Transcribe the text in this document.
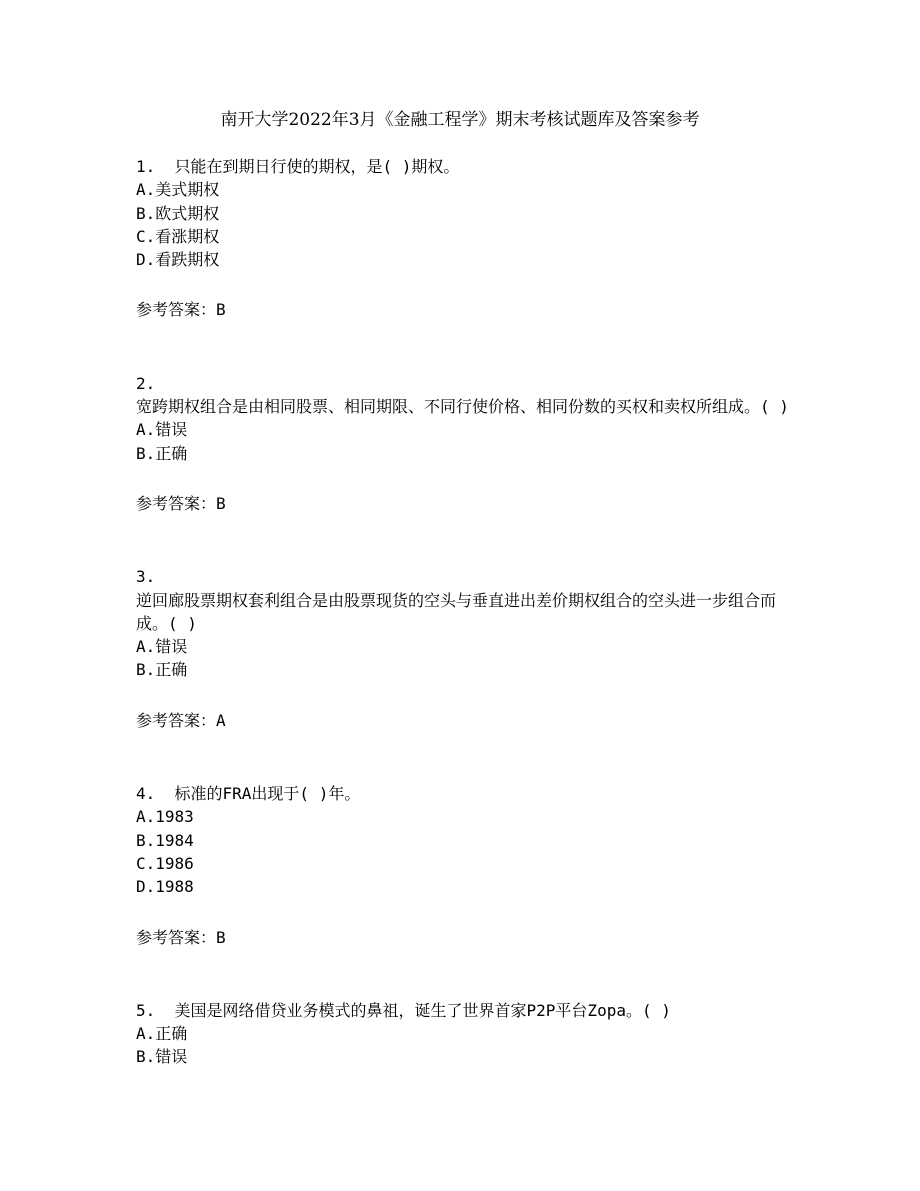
南开大学2022年3月《金融工程学》期末考核试题库及答案参考
1. 只能在到期日行使的期权，是( )期权。
A.美式期权
B.欧式期权
C.看涨期权
D.看跌期权
参考答案：B
2.
宽跨期权组合是由相同股票、相同期限、不同行使价格、相同份数的买权和卖权所组成。( )
A.错误
B.正确
参考答案：B
3.
逆回廊股票期权套利组合是由股票现货的空头与垂直进出差价期权组合的空头进一步组合而成。( )
A.错误
B.正确
参考答案：A
4. 标准的FRA出现于( )年。
A.1983
B.1984
C.1986
D.1988
参考答案：B
5. 美国是网络借贷业务模式的鼻祖，诞生了世界首家P2P平台Zopa。( )
A.正确
B.错误
